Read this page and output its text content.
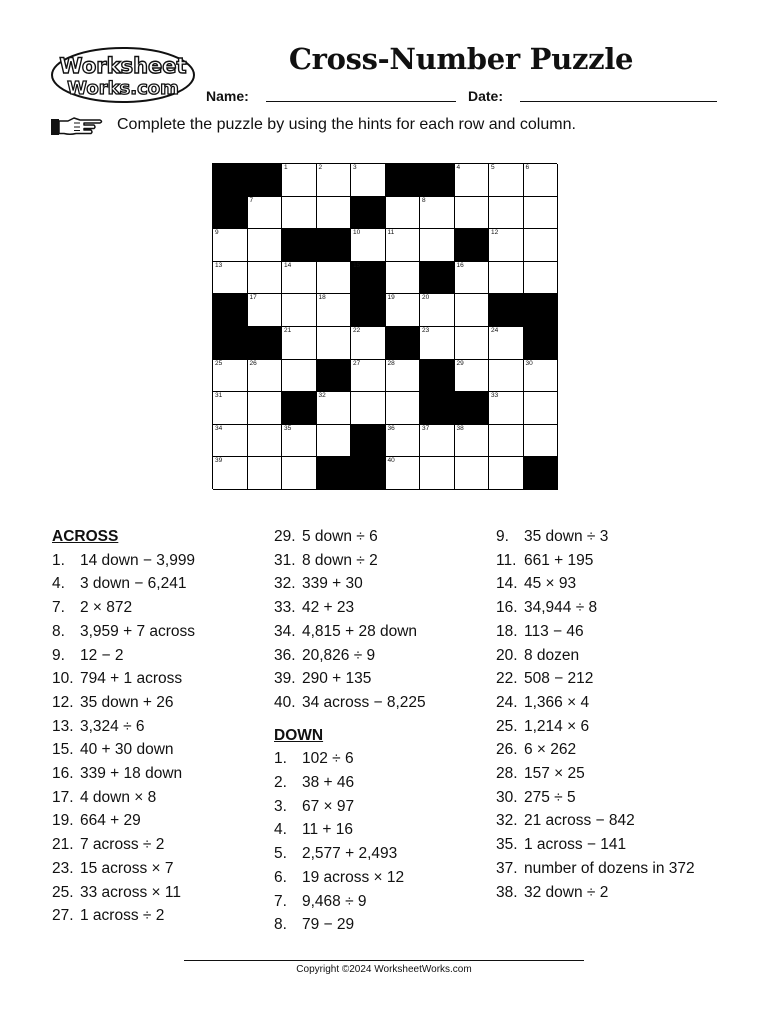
Worksheet
Works.com
Cross-Number Puzzle
Name:	Date:
Complete the puzzle by using the hints for each row and column.
1	2	3	4	5	6
7	8
9	10	11	12
13	14	15	16
17	18	19	20
21	22	23	24
25	26	27	28	29	30
31	32	33
34	35	36	37	38
39	40
ACROSS
1. 14 down − 3,999
4. 3 down − 6,241
7. 2 × 872
8. 3,959 + 7 across
9. 12 − 2
10. 794 + 1 across
12. 35 down + 26
13. 3,324 ÷ 6
15. 40 + 30 down
16. 339 + 18 down
17. 4 down × 8
19. 664 + 29
21. 7 across ÷ 2
23. 15 across × 7
25. 33 across × 11
27. 1 across ÷ 2
29. 5 down ÷ 6
31. 8 down ÷ 2
32. 339 + 30
33. 42 + 23
34. 4,815 + 28 down
36. 20,826 ÷ 9
39. 290 + 135
40. 34 across − 8,225
DOWN
1. 102 ÷ 6
2. 38 + 46
3. 67 × 97
4. 11 + 16
5. 2,577 + 2,493
6. 19 across × 12
7. 9,468 ÷ 9
8. 79 − 29
9. 35 down ÷ 3
11. 661 + 195
14. 45 × 93
16. 34,944 ÷ 8
18. 113 − 46
20. 8 dozen
22. 508 − 212
24. 1,366 × 4
25. 1,214 × 6
26. 6 × 262
28. 157 × 25
30. 275 ÷ 5
32. 21 across − 842
35. 1 across − 141
37. number of dozens in 372
38. 32 down ÷ 2
Copyright ©2024 WorksheetWorks.com
